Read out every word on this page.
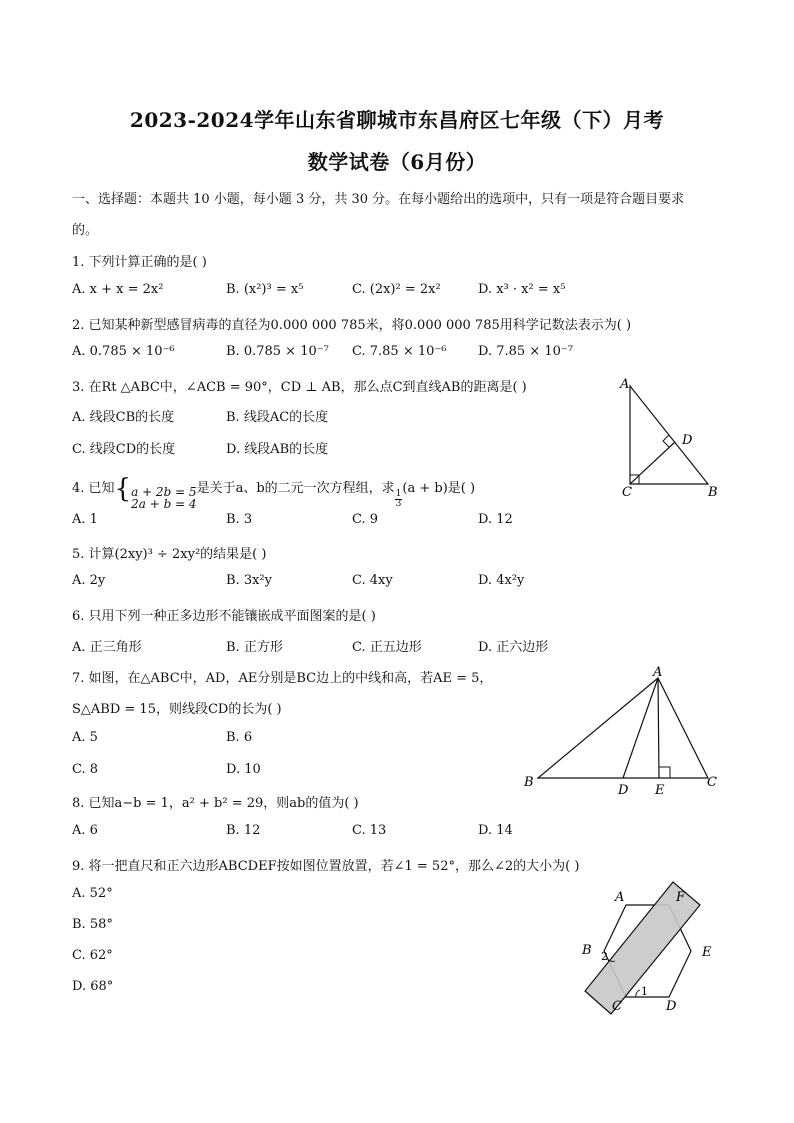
2023-2024学年山东省聊城市东昌府区七年级（下）月考
数学试卷（6月份）
一、选择题：本题共 10 小题，每小题 3 分，共 30 分。在每小题给出的选项中，只有一项是符合题目要求
的。
1. 下列计算正确的是( )
A. x + x = 2x²	B. (x²)³ = x⁵	C. (2x)² = 2x²	D. x³ · x² = x⁵
2. 已知某种新型感冒病毒的直径为0.000 000 785米，将0.000 000 785用科学记数法表示为( )
A. 0.785 × 10⁻⁶	B. 0.785 × 10⁻⁷ C. 7.85 × 10⁻⁶ D. 7.85 × 10⁻⁷
3. 在Rt △ABC中，∠ACB = 90°，CD ⊥ AB，那么点C到直线AB的距离是( )
A. 线段CB的长度	B. 线段AC的长度
C. 线段CD的长度	D. 线段AB的长度
A
B
C
D
4. 已知{ a + 2b = 5
2a + b = 4
是关于a、b的二元一次方程组，求
$\frac{1}{3}$
(a + b)是( )
A. 1	B. 3	C. 9	D. 12
5. 计算(2xy)³ ÷ 2xy²的结果是( )
A. 2y	B. 3x²y	C. 4xy	D. 4x²y
6. 只用下列一种正多边形不能镶嵌成平面图案的是( )
A. 正三角形	B. 正方形	C. 正五边形	D. 正六边形
7. 如图，在△ABC中，AD，AE分别是BC边上的中线和高，若AE = 5，
S△ABD = 15，则线段CD的长为( )
A. 5	B. 6
C. 8	D. 10
A
B	C
D E
8. 已知a−b = 1，a² + b² = 29，则ab的值为( )
A. 6	B. 12	C. 13	D. 14
9. 将一把直尺和正六边形ABCDEF按如图位置放置，若∠1 = 52°，那么∠2的大小为( )
A. 52°
B. 58°
C. 62°
D. 68°
A
B
C	D
E
F
1
2
